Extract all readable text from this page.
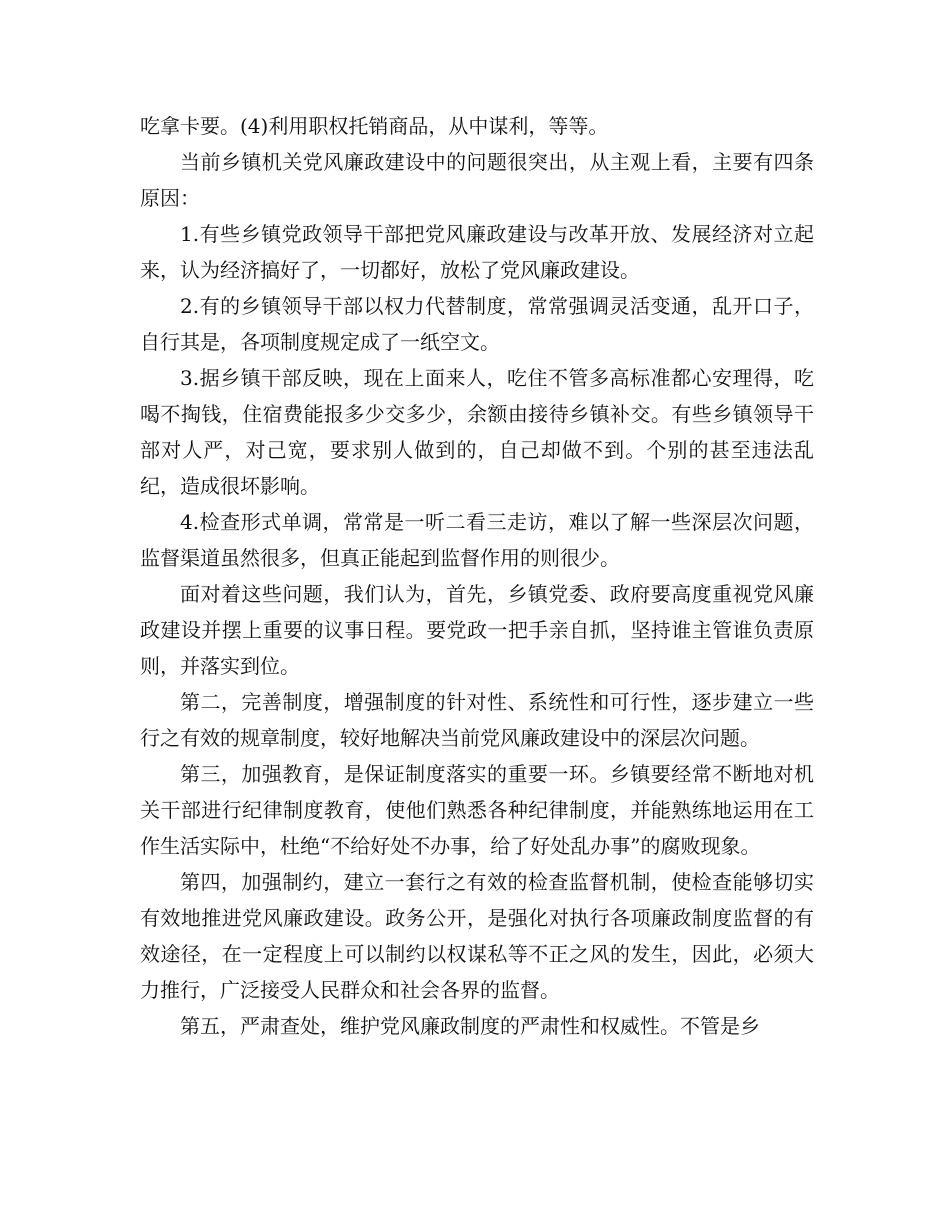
吃拿卡要。(4)利用职权托销商品，从中谋利，等等。

当前乡镇机关党风廉政建设中的问题很突出，从主观上看，主要有四条原因：

1.有些乡镇党政领导干部把党风廉政建设与改革开放、发展经济对立起来，认为经济搞好了，一切都好，放松了党风廉政建设。

2.有的乡镇领导干部以权力代替制度，常常强调灵活变通，乱开口子，自行其是，各项制度规定成了一纸空文。

3.据乡镇干部反映，现在上面来人，吃住不管多高标准都心安理得，吃喝不掏钱，住宿费能报多少交多少，余额由接待乡镇补交。有些乡镇领导干部对人严，对己宽，要求别人做到的，自己却做不到。个别的甚至违法乱纪，造成很坏影响。

4.检查形式单调，常常是一听二看三走访，难以了解一些深层次问题，监督渠道虽然很多，但真正能起到监督作用的则很少。

面对着这些问题，我们认为，首先，乡镇党委、政府要高度重视党风廉政建设并摆上重要的议事日程。要党政一把手亲自抓，坚持谁主管谁负责原则，并落实到位。

第二，完善制度，增强制度的针对性、系统性和可行性，逐步建立一些行之有效的规章制度，较好地解决当前党风廉政建设中的深层次问题。

第三，加强教育，是保证制度落实的重要一环。乡镇要经常不断地对机关干部进行纪律制度教育，使他们熟悉各种纪律制度，并能熟练地运用在工作生活实际中，杜绝“不给好处不办事，给了好处乱办事”的腐败现象。

第四，加强制约，建立一套行之有效的检查监督机制，使检查能够切实有效地推进党风廉政建设。政务公开，是强化对执行各项廉政制度监督的有效途径，在一定程度上可以制约以权谋私等不正之风的发生，因此，必须大力推行，广泛接受人民群众和社会各界的监督。

第五，严肃查处，维护党风廉政制度的严肃性和权威性。不管是乡
